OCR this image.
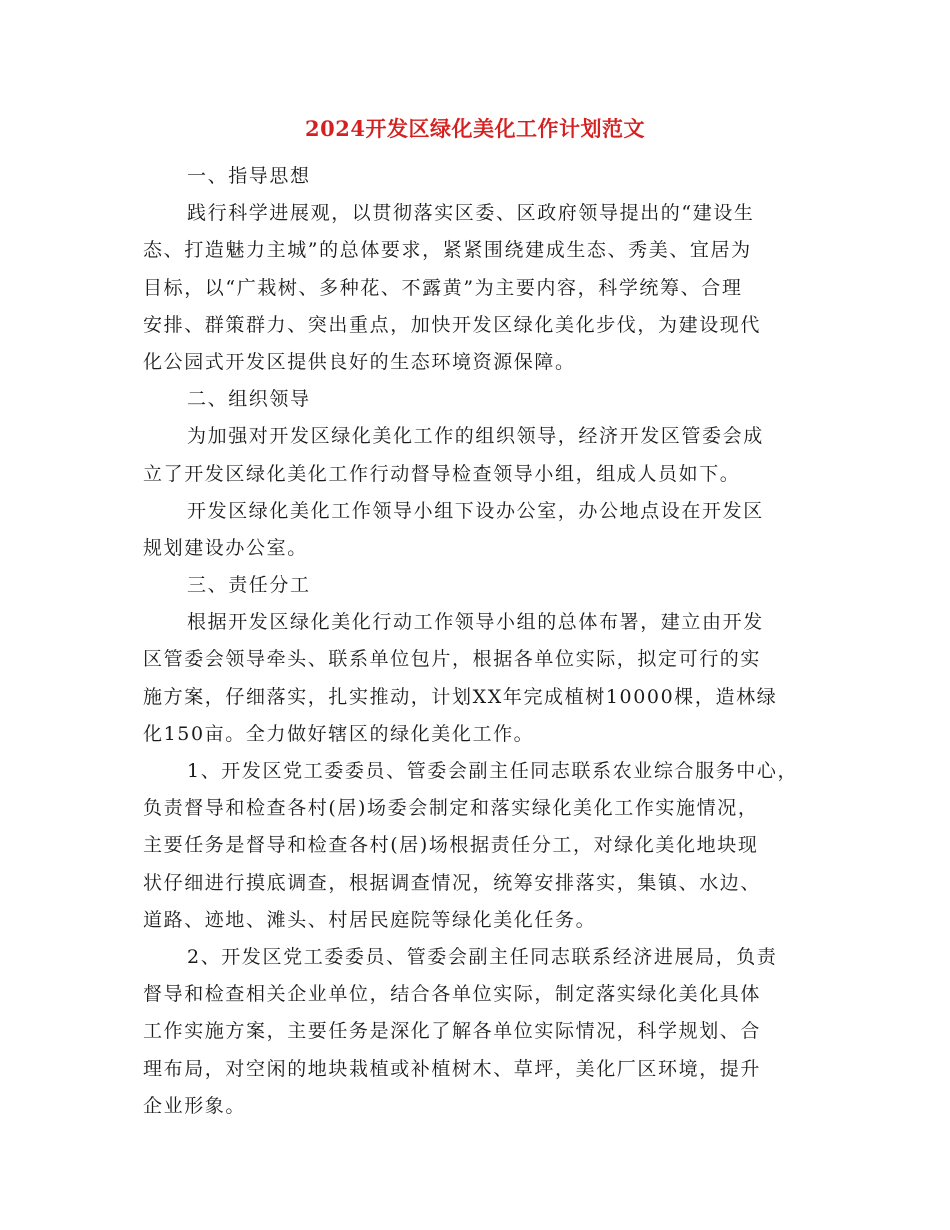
2024开发区绿化美化工作计划范文
一、指导思想
践行科学进展观，以贯彻落实区委、区政府领导提出的“建设生
态、打造魅力主城”的总体要求，紧紧围绕建成生态、秀美、宜居为
目标，以“广栽树、多种花、不露黄”为主要内容，科学统筹、合理
安排、群策群力、突出重点，加快开发区绿化美化步伐，为建设现代
化公园式开发区提供良好的生态环境资源保障。
二、组织领导
为加强对开发区绿化美化工作的组织领导，经济开发区管委会成
立了开发区绿化美化工作行动督导检查领导小组，组成人员如下。
开发区绿化美化工作领导小组下设办公室，办公地点设在开发区
规划建设办公室。
三、责任分工
根据开发区绿化美化行动工作领导小组的总体布署，建立由开发
区管委会领导牵头、联系单位包片，根据各单位实际，拟定可行的实
施方案，仔细落实，扎实推动，计划XX年完成植树10000棵，造林绿
化150亩。全力做好辖区的绿化美化工作。
1、开发区党工委委员、管委会副主任同志联系农业综合服务中心，
负责督导和检查各村(居)场委会制定和落实绿化美化工作实施情况，
主要任务是督导和检查各村(居)场根据责任分工，对绿化美化地块现
状仔细进行摸底调查，根据调查情况，统筹安排落实，集镇、水边、
道路、迹地、滩头、村居民庭院等绿化美化任务。
2、开发区党工委委员、管委会副主任同志联系经济进展局，负责
督导和检查相关企业单位，结合各单位实际，制定落实绿化美化具体
工作实施方案，主要任务是深化了解各单位实际情况，科学规划、合
理布局，对空闲的地块栽植或补植树木、草坪，美化厂区环境，提升
企业形象。
